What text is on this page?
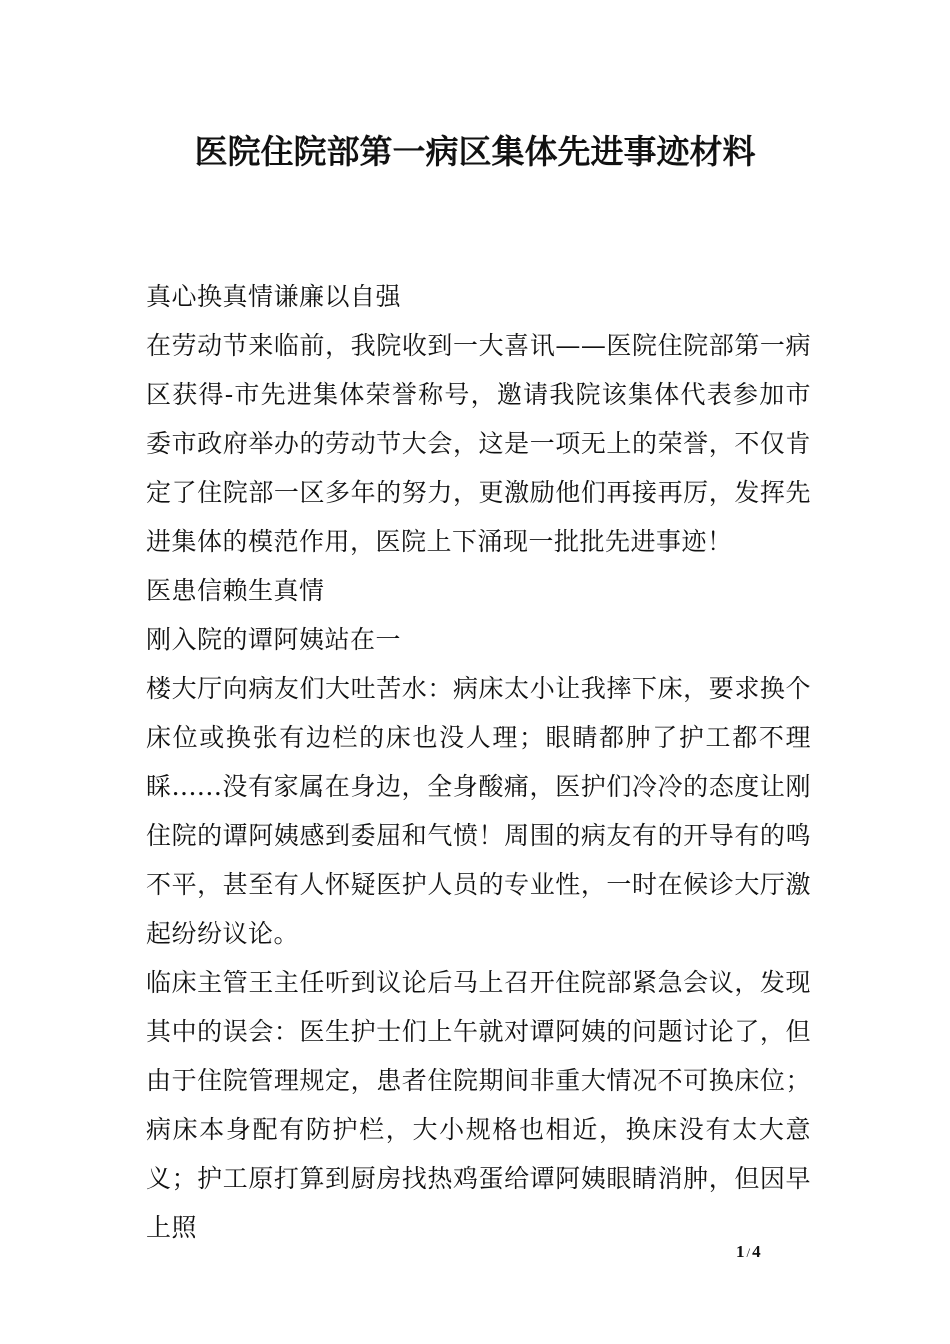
医院住院部第一病区集体先进事迹材料

真心换真情谦廉以自强

在劳动节来临前，我院收到一大喜讯——医院住院部第一病区获得-市先进集体荣誉称号，邀请我院该集体代表参加市委市政府举办的劳动节大会，这是一项无上的荣誉，不仅肯定了住院部一区多年的努力，更激励他们再接再厉，发挥先进集体的模范作用，医院上下涌现一批批先进事迹！

医患信赖生真情

刚入院的谭阿姨站在一

楼大厅向病友们大吐苦水：病床太小让我摔下床，要求换个床位或换张有边栏的床也没人理；眼睛都肿了护工都不理睬......没有家属在身边，全身酸痛，医护们冷冷的态度让刚住院的谭阿姨感到委屈和气愤！周围的病友有的开导有的鸣不平，甚至有人怀疑医护人员的专业性，一时在候诊大厅激起纷纷议论。

临床主管王主任听到议论后马上召开住院部紧急会议，发现其中的误会：医生护士们上午就对谭阿姨的问题讨论了，但由于住院管理规定，患者住院期间非重大情况不可换床位；病床本身配有防护栏，大小规格也相近，换床没有太大意义；护工原打算到厨房找热鸡蛋给谭阿姨眼睛消肿，但因早上照

1 / 4
